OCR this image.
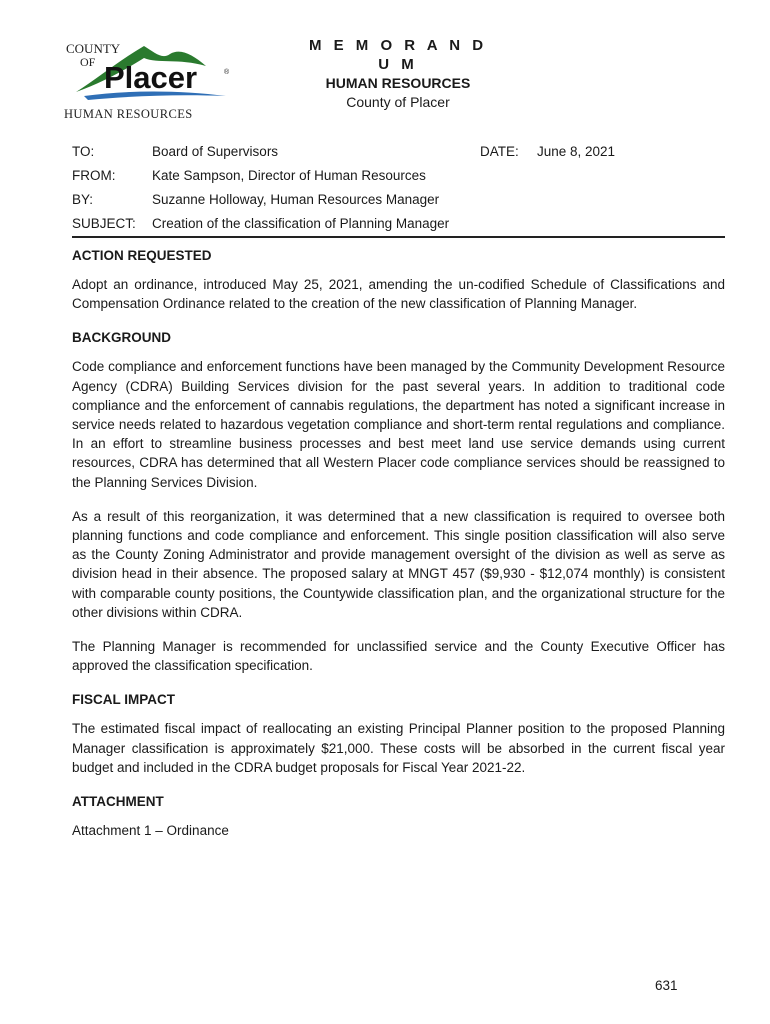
COUNTY
OF Placer	®
HUMAN RESOURCES
M E M O R A N D U M
HUMAN RESOURCES
County of Placer
TO:	Board of Supervisors	DATE: June 8, 2021
FROM:	Kate Sampson, Director of Human Resources
BY:	Suzanne Holloway, Human Resources Manager
SUBJECT: Creation of the classification of Planning Manager
ACTION REQUESTED

Adopt an ordinance, introduced May 25, 2021, amending the un-codified Schedule of Classifications and Compensation Ordinance related to the creation of the new classification of Planning Manager.

BACKGROUND

Code compliance and enforcement functions have been managed by the Community Development Resource Agency (CDRA) Building Services division for the past several years. In addition to traditional code compliance and the enforcement of cannabis regulations, the department has noted a significant increase in service needs related to hazardous vegetation compliance and short-term rental regulations and compliance. In an effort to streamline business processes and best meet land use service demands using current resources, CDRA has determined that all Western Placer code compliance services should be reassigned to the Planning Services Division.

As a result of this reorganization, it was determined that a new classification is required to oversee both planning functions and code compliance and enforcement. This single position classification will also serve as the County Zoning Administrator and provide management oversight of the division as well as serve as division head in their absence. The proposed salary at MNGT 457 ($9,930 - $12,074 monthly) is consistent with comparable county positions, the Countywide classification plan, and the organizational structure for the other divisions within CDRA.

The Planning Manager is recommended for unclassified service and the County Executive Officer has approved the classification specification.

FISCAL IMPACT

The estimated fiscal impact of reallocating an existing Principal Planner position to the proposed Planning Manager classification is approximately $21,000. These costs will be absorbed in the current fiscal year budget and included in the CDRA budget proposals for Fiscal Year 2021-22.

ATTACHMENT

Attachment 1 – Ordinance

631
